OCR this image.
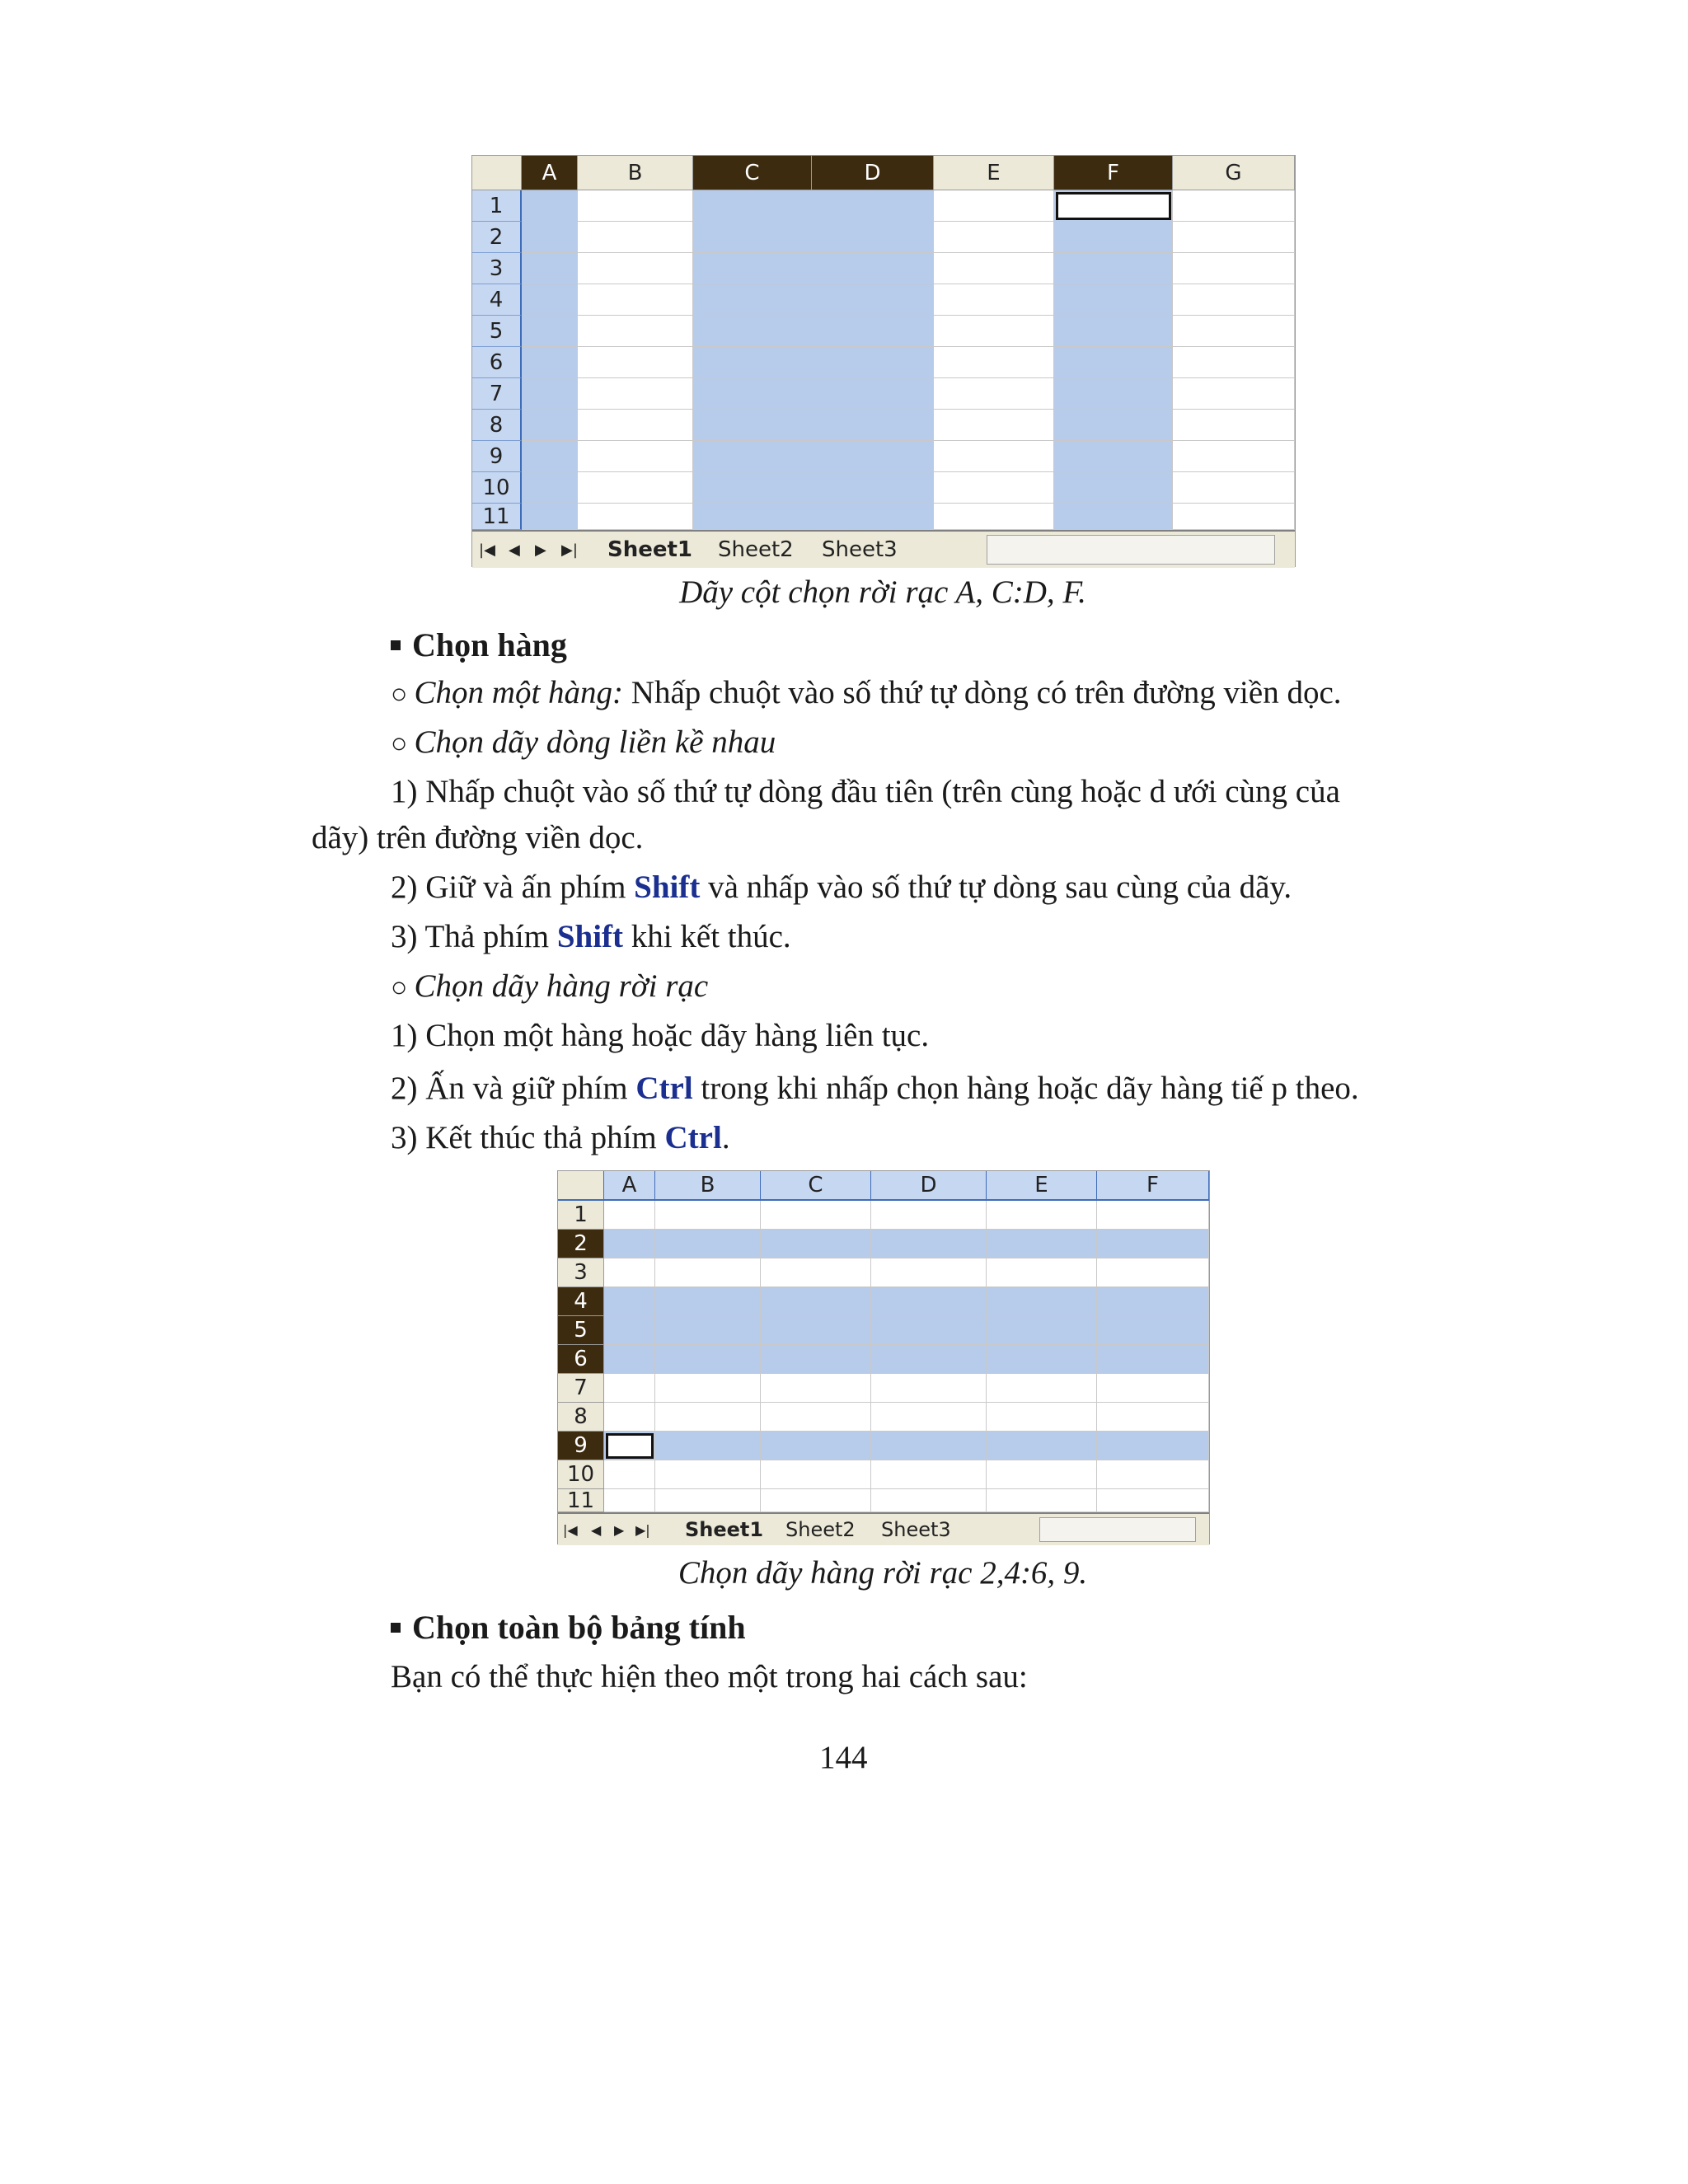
A	B	C	D	E	F	G
1
2
3
4
5
6
7
8
9
10
11
|◀ ◀ ▶ ▶| Sheet1 Sheet2 Sheet3
Dãy cột chọn rời rạc A, C:D, F.
Chọn hàng
○ Chọn một hàng: Nhấp chuột vào số thứ tự dòng có trên đường viền dọc.
○ Chọn dãy dòng liền kề nhau
1) Nhấp chuột vào số thứ tự dòng đầu tiên (trên cùng hoặc d ưới cùng của
dãy) trên đường viền dọc.
2) Giữ và ấn phím Shift và nhấp vào số thứ tự dòng sau cùng của dãy.
3) Thả phím Shift khi kết thúc.
○ Chọn dãy hàng rời rạc
1) Chọn một hàng hoặc dãy hàng liên tục.
2) Ấn và giữ phím Ctrl trong khi nhấp chọn hàng hoặc dãy hàng tiế p theo.
3) Kết thúc thả phím Ctrl.
A	B	C	D	E	F
1
2
3
4
5
6
7
8
9
10
11
|◀ ◀ ▶ ▶| Sheet1 Sheet2 Sheet3
Chọn dãy hàng rời rạc 2,4:6, 9.
Chọn toàn bộ bảng tính
Bạn có thể thực hiện theo một trong hai cách sau:
144
